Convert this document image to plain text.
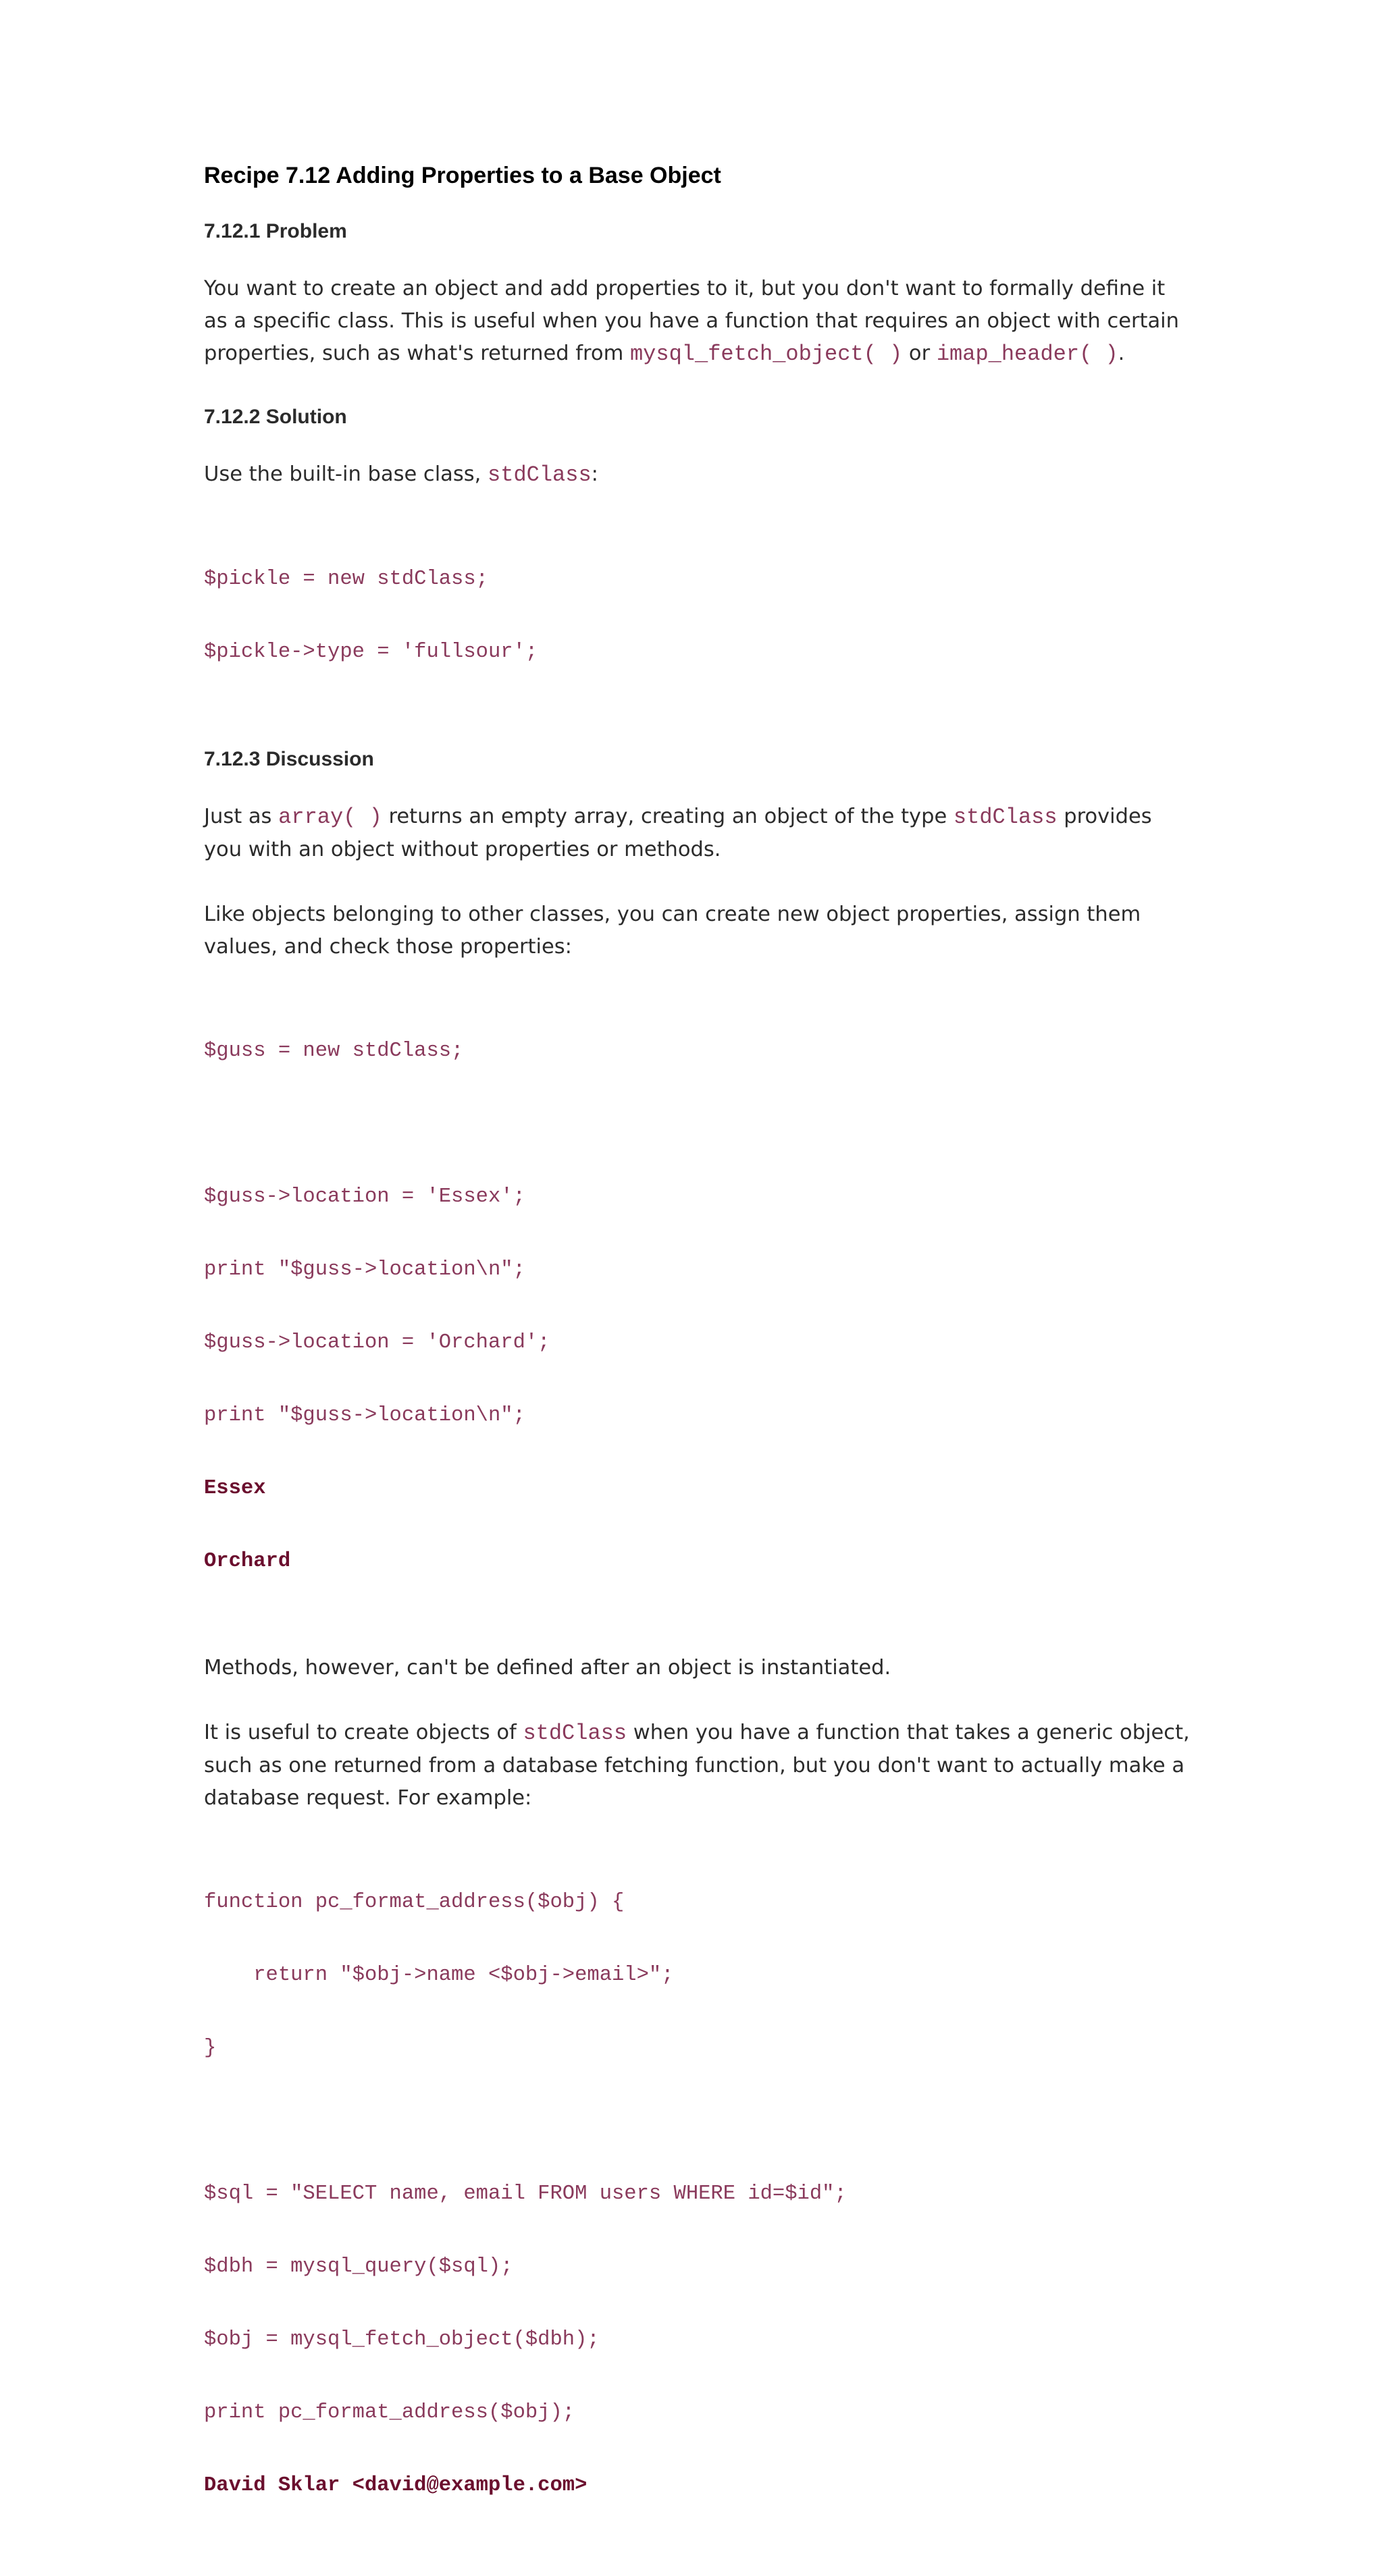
Recipe 7.12 Adding Properties to a Base Object
7.12.1 Problem

You want to create an object and add properties to it, but you don't want to formally define it as a specific class. This is useful when you have a function that requires an object with certain properties, such as what's returned from mysql_fetch_object( ) or imap_header( ).

7.12.2 Solution

Use the built-in base class, stdClass:

$pickle = new stdClass;

$pickle->type = 'fullsour';

7.12.3 Discussion

Just as array( ) returns an empty array, creating an object of the type stdClass provides you with an object without properties or methods.

Like objects belonging to other classes, you can create new object properties, assign them values, and check those properties:

$guss = new stdClass;

$guss->location = 'Essex';

print "$guss->location\n";

$guss->location = 'Orchard';

print "$guss->location\n";

Essex

Orchard

Methods, however, can't be defined after an object is instantiated.

It is useful to create objects of stdClass when you have a function that takes a generic object, such as one returned from a database fetching function, but you don't want to actually make a database request. For example:

function pc_format_address($obj) {

return "$obj->name <$obj->email>";

}

$sql = "SELECT name, email FROM users WHERE id=$id";

$dbh = mysql_query($sql);

$obj = mysql_fetch_object($dbh);

print pc_format_address($obj);

David Sklar <david@example.com>
